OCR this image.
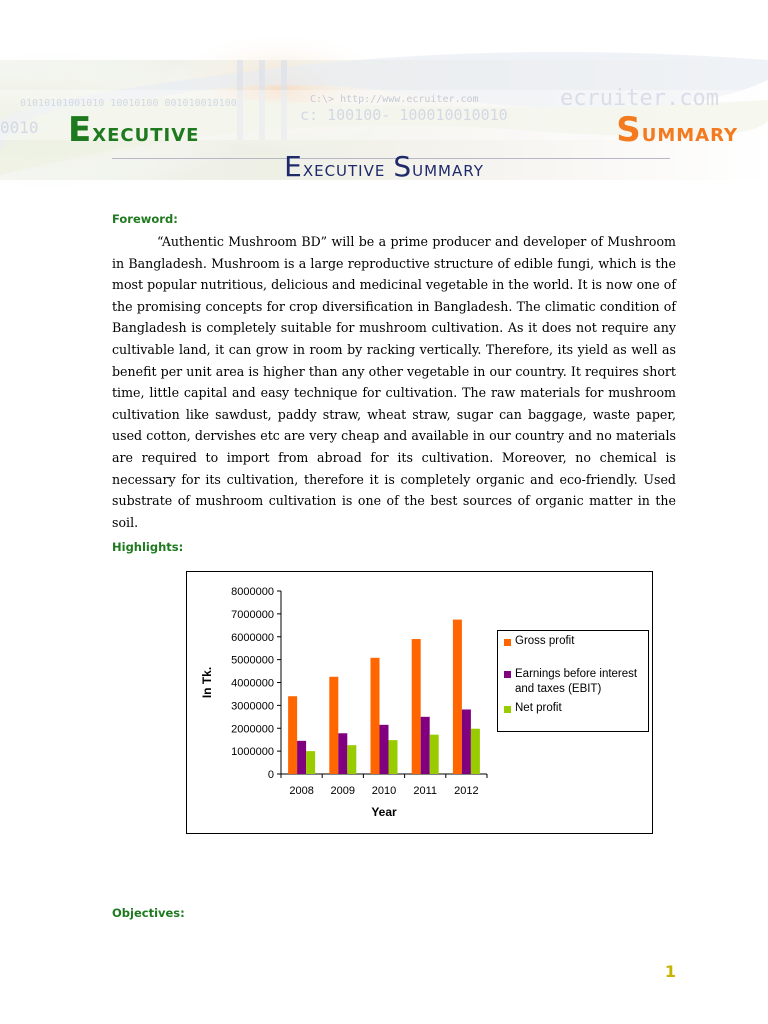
01010101001010 10010100 001010010100	C:\> http://www.ecruiter.com
c: 100100- 100010010010
ecruiter.com
0010 Executive	Summary
Executive Summary
Foreword:
“Authentic Mushroom BD” will be a prime producer and developer of Mushroom in Bangladesh. Mushroom is a large reproductive structure of edible fungi, which is the most popular nutritious, delicious and medicinal vegetable in the world. It is now one of the promising concepts for crop diversification in Bangladesh. The climatic condition of Bangladesh is completely suitable for mushroom cultivation. As it does not require any cultivable land, it can grow in room by racking vertically. Therefore, its yield as well as benefit per unit area is higher than any other vegetable in our country. It requires short time, little capital and easy technique for cultivation. The raw materials for mushroom cultivation like sawdust, paddy straw, wheat straw, sugar can baggage, waste paper, used cotton, dervishes etc are very cheap and available in our country and no materials are required to import from abroad for its cultivation. Moreover, no chemical is necessary for its cultivation, therefore it is completely organic and eco-friendly. Used substrate of mushroom cultivation is one of the best sources of organic matter in the soil.
Highlights:
0
1000000
2000000
3000000
4000000
5000000
6000000
7000000
8000000
2008 2009 2010 2011 2012
Year
In Tk.
Gross profit
Earnings before interest and taxes (EBIT)
Net profit
Objectives:
1
